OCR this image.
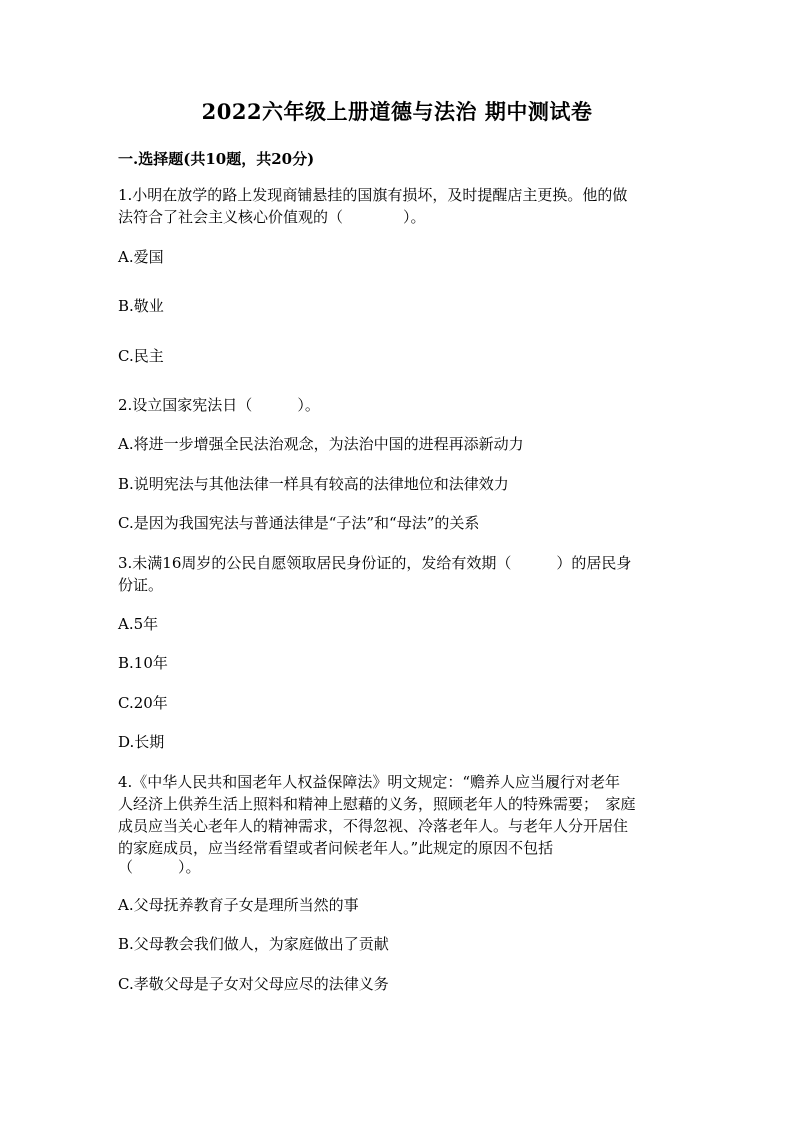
2022六年级上册道德与法治 期中测试卷
一.选择题(共10题，共20分)
1.小明在放学的路上发现商铺悬挂的国旗有损坏，及时提醒店主更换。他的做
法符合了社会主义核心价值观的（　　　　）。
A.爱国
B.敬业
C.民主
2.设立国家宪法日（　　　）。
A.将进一步增强全民法治观念，为法治中国的进程再添新动力
B.说明宪法与其他法律一样具有较高的法律地位和法律效力
C.是因为我国宪法与普通法律是“子法”和“母法”的关系
3.未满16周岁的公民自愿领取居民身份证的，发给有效期（　　　）的居民身
份证。
A.5年
B.10年
C.20年
D.长期
4.《中华人民共和国老年人权益保障法》明文规定：“赡养人应当履行对老年
人经济上供养生活上照料和精神上慰藉的义务，照顾老年人的特殊需要；　家庭
成员应当关心老年人的精神需求，不得忽视、冷落老年人。与老年人分开居住
的家庭成员，应当经常看望或者问候老年人。”此规定的原因不包括
（　　　）。
A.父母抚养教育子女是理所当然的事
B.父母教会我们做人，为家庭做出了贡献
C.孝敬父母是子女对父母应尽的法律义务
